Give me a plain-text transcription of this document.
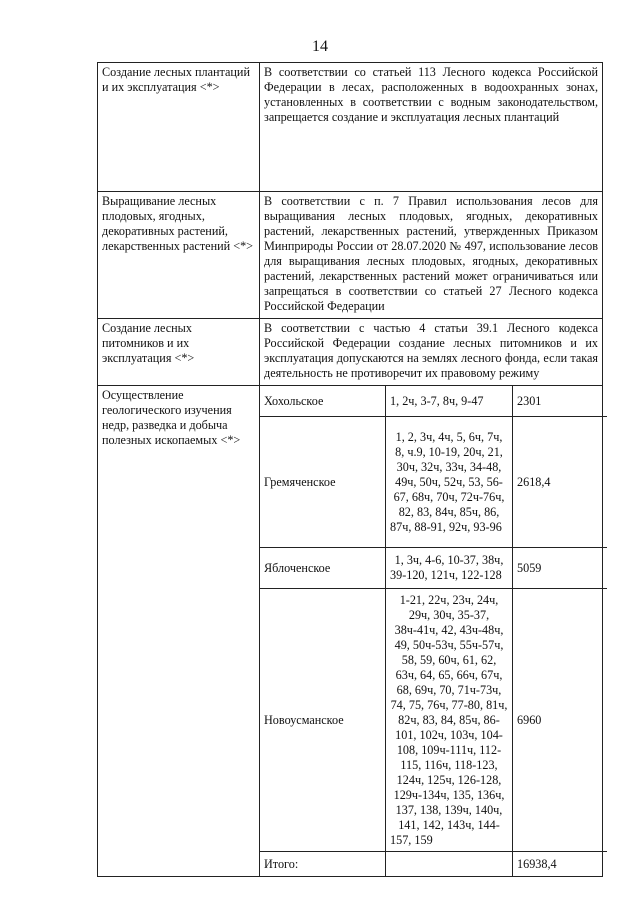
14
Создание лесных плантаций и их эксплуатация <*>	В соответствии со статьей 113 Лесного кодекса Российской Федерации в лесах, расположенных в водоохранных зонах, установленных в соответствии с водным законодательством, запрещается создание и эксплуатация лесных плантаций
Выращивание лесных плодовых, ягодных, декоративных растений, лекарственных растений <*>	В соответствии с п. 7 Правил использования лесов для выращивания лесных плодовых, ягодных, декоративных растений, лекарственных растений, утвержденных Приказом Минприроды России от 28.07.2020 № 497, использование лесов для выращивания лесных плодовых, ягодных, декоративных растений, лекарственных растений может ограничиваться или запрещаться в соответствии со статьей 27 Лесного кодекса Российской Федерации
Создание лесных питомников и их эксплуатация <*>	В соответствии с частью 4 статьи 39.1 Лесного кодекса Российской Федерации создание лесных питомников и их эксплуатация допускаются на землях лесного фонда, если такая деятельность не противоречит их правовому режиму
Осуществление геологического изучения недр, разведка и добыча полезных ископаемых <*>	
Хохольское	1, 2ч, 3-7, 8ч, 9-47	2301
Гремяченское	1, 2, 3ч, 4ч, 5, 6ч, 7ч, 8, ч.9, 10-19, 20ч, 21, 30ч, 32ч, 33ч, 34-48, 49ч, 50ч, 52ч, 53, 56-67, 68ч, 70ч, 72ч-76ч, 82, 83, 84ч, 85ч, 86, 87ч, 88-91, 92ч, 93-96	2618,4
Яблоченское	1, 3ч, 4-6, 10-37, 38ч, 39-120, 121ч, 122-128	5059
Новоусманское	1-21, 22ч, 23ч, 24ч, 29ч, 30ч, 35-37, 38ч-41ч, 42, 43ч-48ч, 49, 50ч-53ч, 55ч-57ч, 58, 59, 60ч, 61, 62, 63ч, 64, 65, 66ч, 67ч, 68, 69ч, 70, 71ч-73ч, 74, 75, 76ч, 77-80, 81ч, 82ч, 83, 84, 85ч, 86-101, 102ч, 103ч, 104-108, 109ч-111ч, 112-115, 116ч, 118-123, 124ч, 125ч, 126-128, 129ч-134ч, 135, 136ч, 137, 138, 139ч, 140ч, 141, 142, 143ч, 144-157, 159	6960
Итого:		16938,4
